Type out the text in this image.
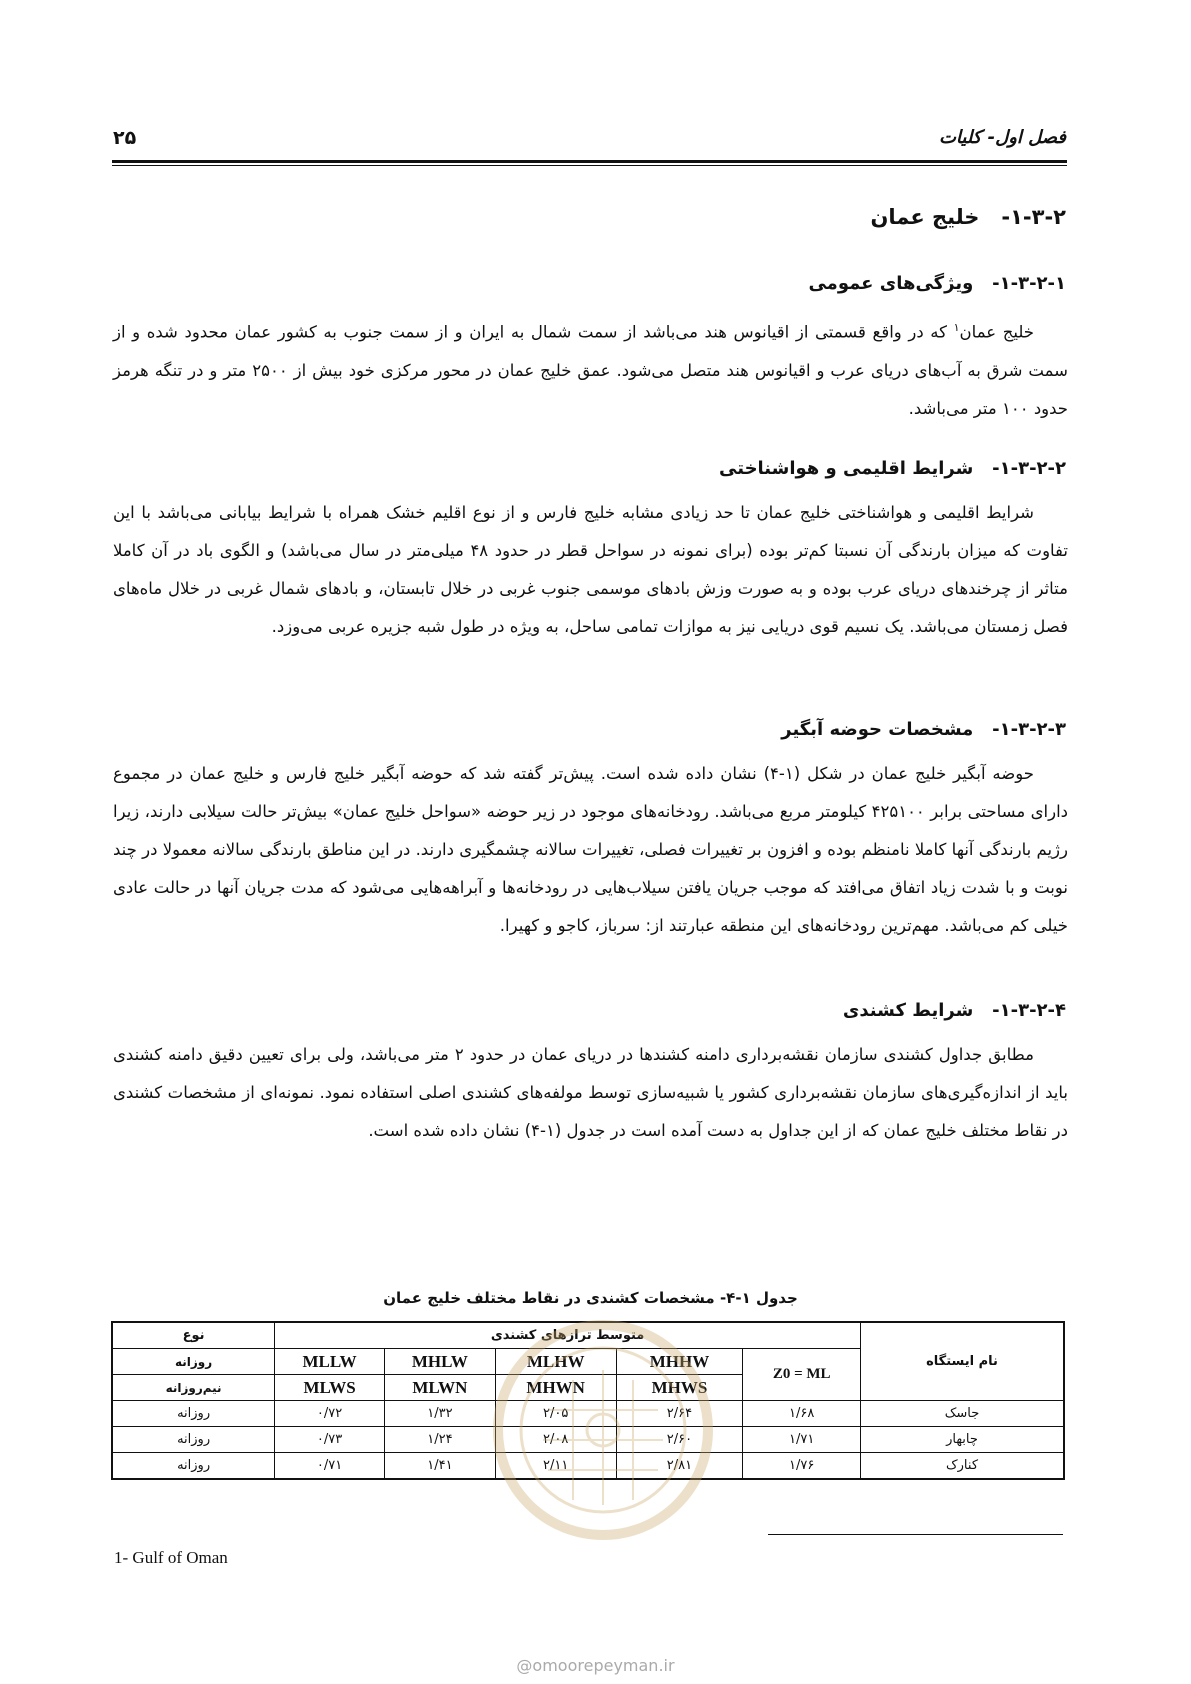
۲۵	فصل اول- کلیات
۱-۳-۲-   خلیج عمان
۱-۳-۲-۱-   ویژگی‌های عمومی

خلیج عمان$^۱$ که در واقع قسمتی از اقیانوس هند می‌باشد از سمت شمال به ایران و از سمت جنوب به کشور عمان محدود شده و از سمت شرق به آب‌های دریای عرب و اقیانوس هند متصل می‌شود. عمق خلیج عمان در محور مرکزی خود بیش از ۲۵۰۰ متر و در تنگه هرمز حدود ۱۰۰ متر می‌باشد.

۱-۳-۲-۲-   شرایط اقلیمی و هواشناختی

شرایط اقلیمی و هواشناختی خلیج عمان تا حد زیادی مشابه خلیج فارس و از نوع اقلیم خشک همراه با شرایط بیابانی می‌باشد با این تفاوت که میزان بارندگی آن نسبتا کم‌تر بوده (برای نمونه در سواحل قطر در حدود ۴۸ میلی‌متر در سال می‌باشد) و الگوی باد در آن کاملا متاثر از چرخندهای دریای عرب بوده و به صورت وزش بادهای موسمی جنوب غربی در خلال تابستان، و بادهای شمال غربی در خلال ماه‌های فصل زمستان می‌باشد. یک نسیم قوی دریایی نیز به موازات تمامی ساحل، به ویژه در طول شبه جزیره عربی می‌وزد.

۱-۳-۲-۳-   مشخصات حوضه آبگیر

حوضه آبگیر خلیج عمان در شکل (۱-۴) نشان داده شده است. پیش‌تر گفته شد که حوضه آبگیر خلیج فارس و خلیج عمان در مجموع دارای مساحتی برابر ۴۲۵۱۰۰ کیلومتر مربع می‌باشد. رودخانه‌های موجود در زیر حوضه «سواحل خلیج عمان» بیش‌تر حالت سیلابی دارند، زیرا رژیم بارندگی آنها کاملا نامنظم بوده و افزون بر تغییرات فصلی، تغییرات سالانه چشمگیری دارند. در این مناطق بارندگی سالانه معمولا در چند نوبت و با شدت زیاد اتفاق می‌افتد که موجب جریان یافتن سیلاب‌هایی در رودخانه‌ها و آبراهه‌هایی می‌شود که مدت جریان آنها در حالت عادی خیلی کم می‌باشد. مهم‌ترین رودخانه‌های این منطقه عبارتند از: سرباز، کاجو و کهیرا.

۱-۳-۲-۴-   شرایط کشندی

مطابق جداول کشندی سازمان نقشه‌برداری دامنه کشندها در دریای عمان در حدود ۲ متر می‌باشد، ولی برای تعیین دقیق دامنه کشندی باید از اندازه‌گیری‌های سازمان نقشه‌برداری کشور یا شبیه‌سازی توسط مولفه‌های کشندی اصلی استفاده نمود. نمونه‌ای از مشخصات کشندی در نقاط مختلف خلیج عمان که از این جداول به دست آمده است در جدول (۱-۴) نشان داده شده است.

جدول ۱-۴- مشخصات کشندی در نقاط مختلف خلیج عمان
نام ایستگاه	متوسط ترازهای کشندی					نوع
	Z0 = ML	MHHW	MLHW	MHLW	MLLW	روزانه
		MHWS	MHWN	MLWN	MLWS	نیم‌روزانه
جاسک	۱/۶۸	۲/۶۴	۲/۰۵	۱/۳۲	۰/۷۲	روزانه
چابهار	۱/۷۱	۲/۶۰	۲/۰۸	۱/۲۴	۰/۷۳	روزانه
کنارک	۱/۷۶	۲/۸۱	۲/۱۱	۱/۴۱	۰/۷۱	روزانه
1- Gulf of Oman
@omoorepeyman.ir
